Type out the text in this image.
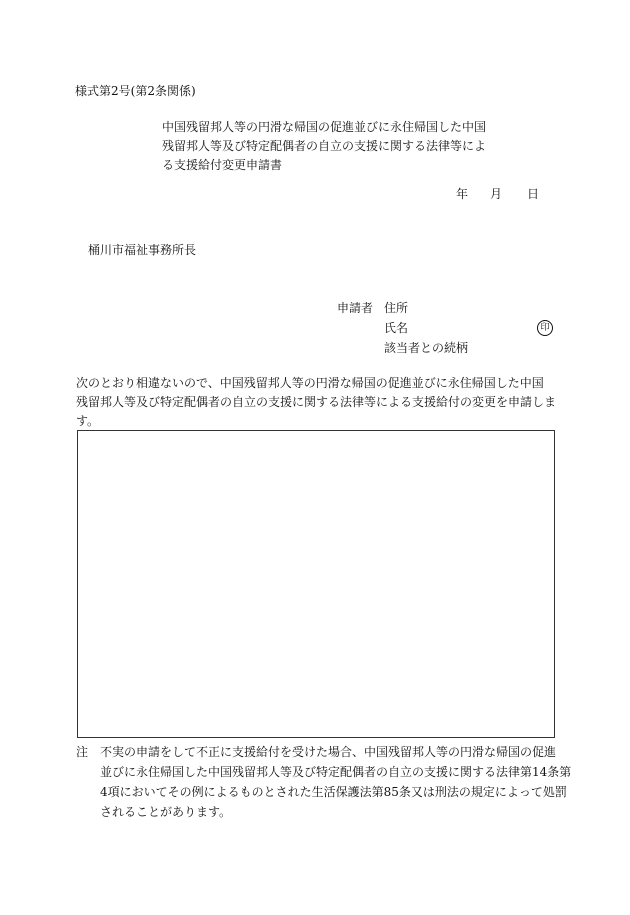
様式第2号(第2条関係)
中国残留邦人等の円滑な帰国の促進並びに永住帰国した中国
残留邦人等及び特定配偶者の自立の支援に関する法律等によ
る支援給付変更申請書
年 月 日
桶川市福祉事務所長
申請者 住所
氏名	印
該当者との続柄
次のとおり相違ないので、中国残留邦人等の円滑な帰国の促進並びに永住帰国した中国
残留邦人等及び特定配偶者の自立の支援に関する法律等による支援給付の変更を申請しま
す。
注 不実の申請をして不正に支援給付を受けた場合、中国残留邦人等の円滑な帰国の促進
並びに永住帰国した中国残留邦人等及び特定配偶者の自立の支援に関する法律第14条第
4項においてその例によるものとされた生活保護法第85条又は刑法の規定によって処罰
されることがあります。
